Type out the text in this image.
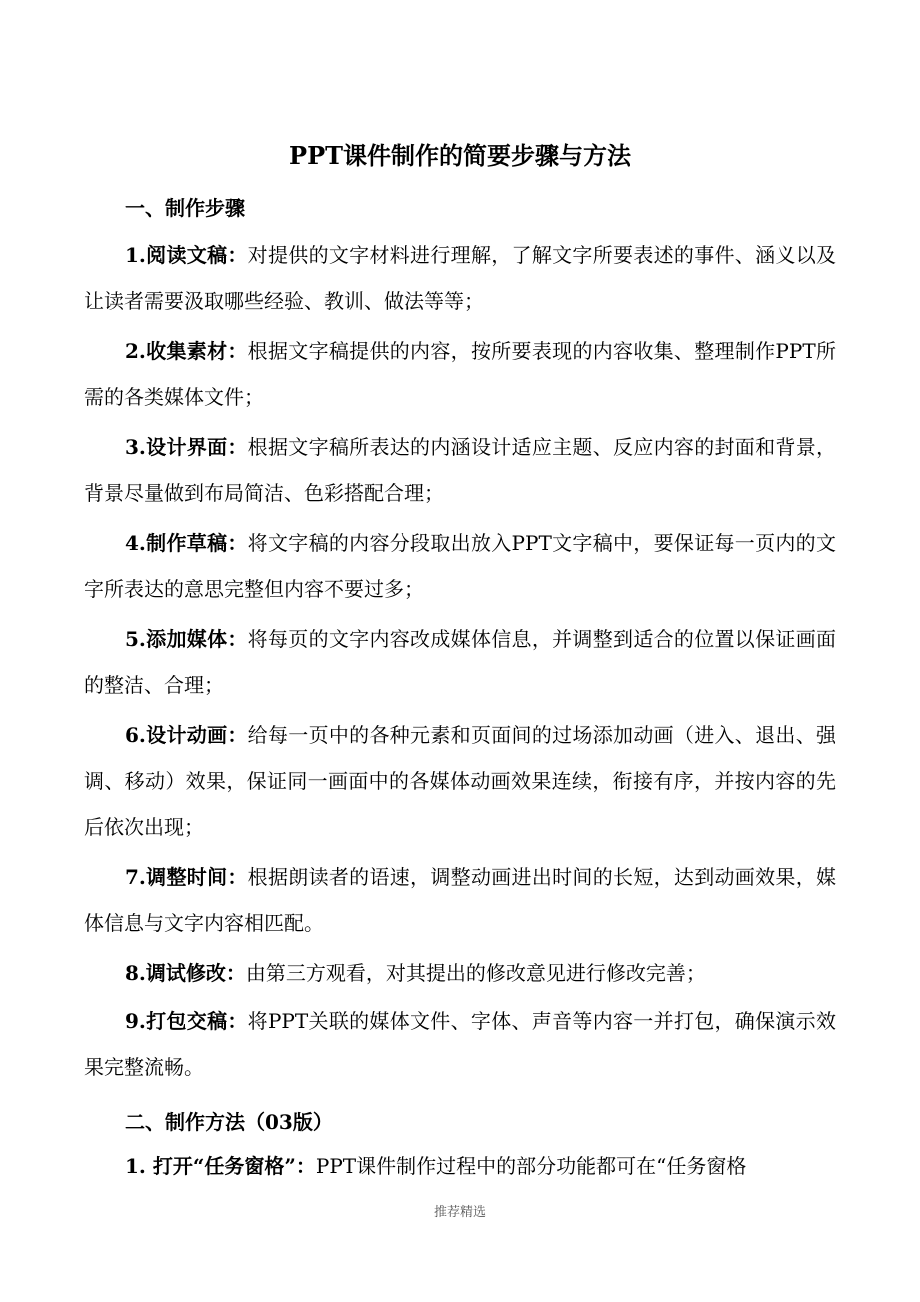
PPT课件制作的简要步骤与方法
一、制作步骤
1.阅读文稿：对提供的文字材料进行理解，了解文字所要表述的事件、涵义以及让读者需要汲取哪些经验、教训、做法等等；
2.收集素材：根据文字稿提供的内容，按所要表现的内容收集、整理制作PPT所需的各类媒体文件；
3.设计界面：根据文字稿所表达的内涵设计适应主题、反应内容的封面和背景，背景尽量做到布局简洁、色彩搭配合理；
4.制作草稿：将文字稿的内容分段取出放入PPT文字稿中，要保证每一页内的文字所表达的意思完整但内容不要过多；
5.添加媒体：将每页的文字内容改成媒体信息，并调整到适合的位置以保证画面的整洁、合理；
6.设计动画：给每一页中的各种元素和页面间的过场添加动画（进入、退出、强调、移动）效果，保证同一画面中的各媒体动画效果连续，衔接有序，并按内容的先后依次出现；
7.调整时间：根据朗读者的语速，调整动画进出时间的长短，达到动画效果，媒体信息与文字内容相匹配。
8.调试修改：由第三方观看，对其提出的修改意见进行修改完善；
9.打包交稿：将PPT关联的媒体文件、字体、声音等内容一并打包，确保演示效果完整流畅。
二、制作方法（03版）
1. 打开“任务窗格”：PPT课件制作过程中的部分功能都可在“任务窗格
推荐精选
